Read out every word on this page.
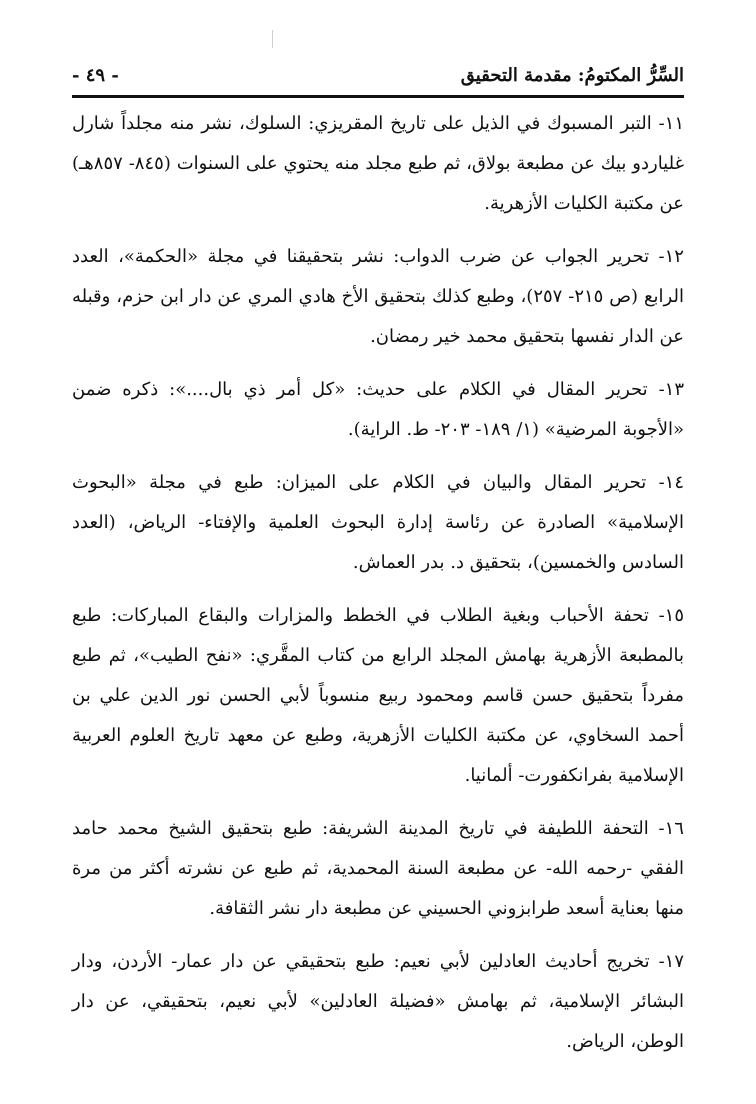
السِّرُّ المكتومُ: مقدمة التحقيق
- ٤٩ -

١١- التبر المسبوك في الذيل على تاريخ المقريزي: السلوك، نشر منه مجلداً شارل غلياردو بيك عن مطبعة بولاق، ثم طبع مجلد منه يحتوي على السنوات (٨٤٥- ٨٥٧هـ) عن مكتبة الكليات الأزهرية.

١٢- تحرير الجواب عن ضرب الدواب: نشر بتحقيقنا في مجلة «الحكمة»، العدد الرابع (ص ٢١٥- ٢٥٧)، وطبع كذلك بتحقيق الأخ هادي المري عن دار ابن حزم، وقبله عن الدار نفسها بتحقيق محمد خير رمضان.

١٣- تحرير المقال في الكلام على حديث: «كل أمر ذي بال....»: ذكره ضمن «الأجوبة المرضية» (١/ ١٨٩- ٢٠٣- ط. الراية).

١٤- تحرير المقال والبيان في الكلام على الميزان: طبع في مجلة «البحوث الإسلامية» الصادرة عن رئاسة إدارة البحوث العلمية والإفتاء- الرياض، (العدد السادس والخمسين)، بتحقيق د. بدر العماش.

١٥- تحفة الأحباب وبغية الطلاب في الخطط والمزارات والبقاع المباركات: طبع بالمطبعة الأزهرية بهامش المجلد الرابع من كتاب المقَّري: «نفح الطيب»، ثم طبع مفرداً بتحقيق حسن قاسم ومحمود ربيع منسوباً لأبي الحسن نور الدين علي بن أحمد السخاوي، عن مكتبة الكليات الأزهرية، وطبع عن معهد تاريخ العلوم العربية الإسلامية بفرانكفورت- ألمانيا.

١٦- التحفة اللطيفة في تاريخ المدينة الشريفة: طبع بتحقيق الشيخ محمد حامد الفقي -رحمه الله- عن مطبعة السنة المحمدية، ثم طبع عن نشرته أكثر من مرة منها بعناية أسعد طرابزوني الحسيني عن مطبعة دار نشر الثقافة.

١٧- تخريج أحاديث العادلين لأبي نعيم: طبع بتحقيقي عن دار عمار- الأردن، ودار البشائر الإسلامية، ثم بهامش «فضيلة العادلين» لأبي نعيم، بتحقيقي، عن دار الوطن، الرياض.
